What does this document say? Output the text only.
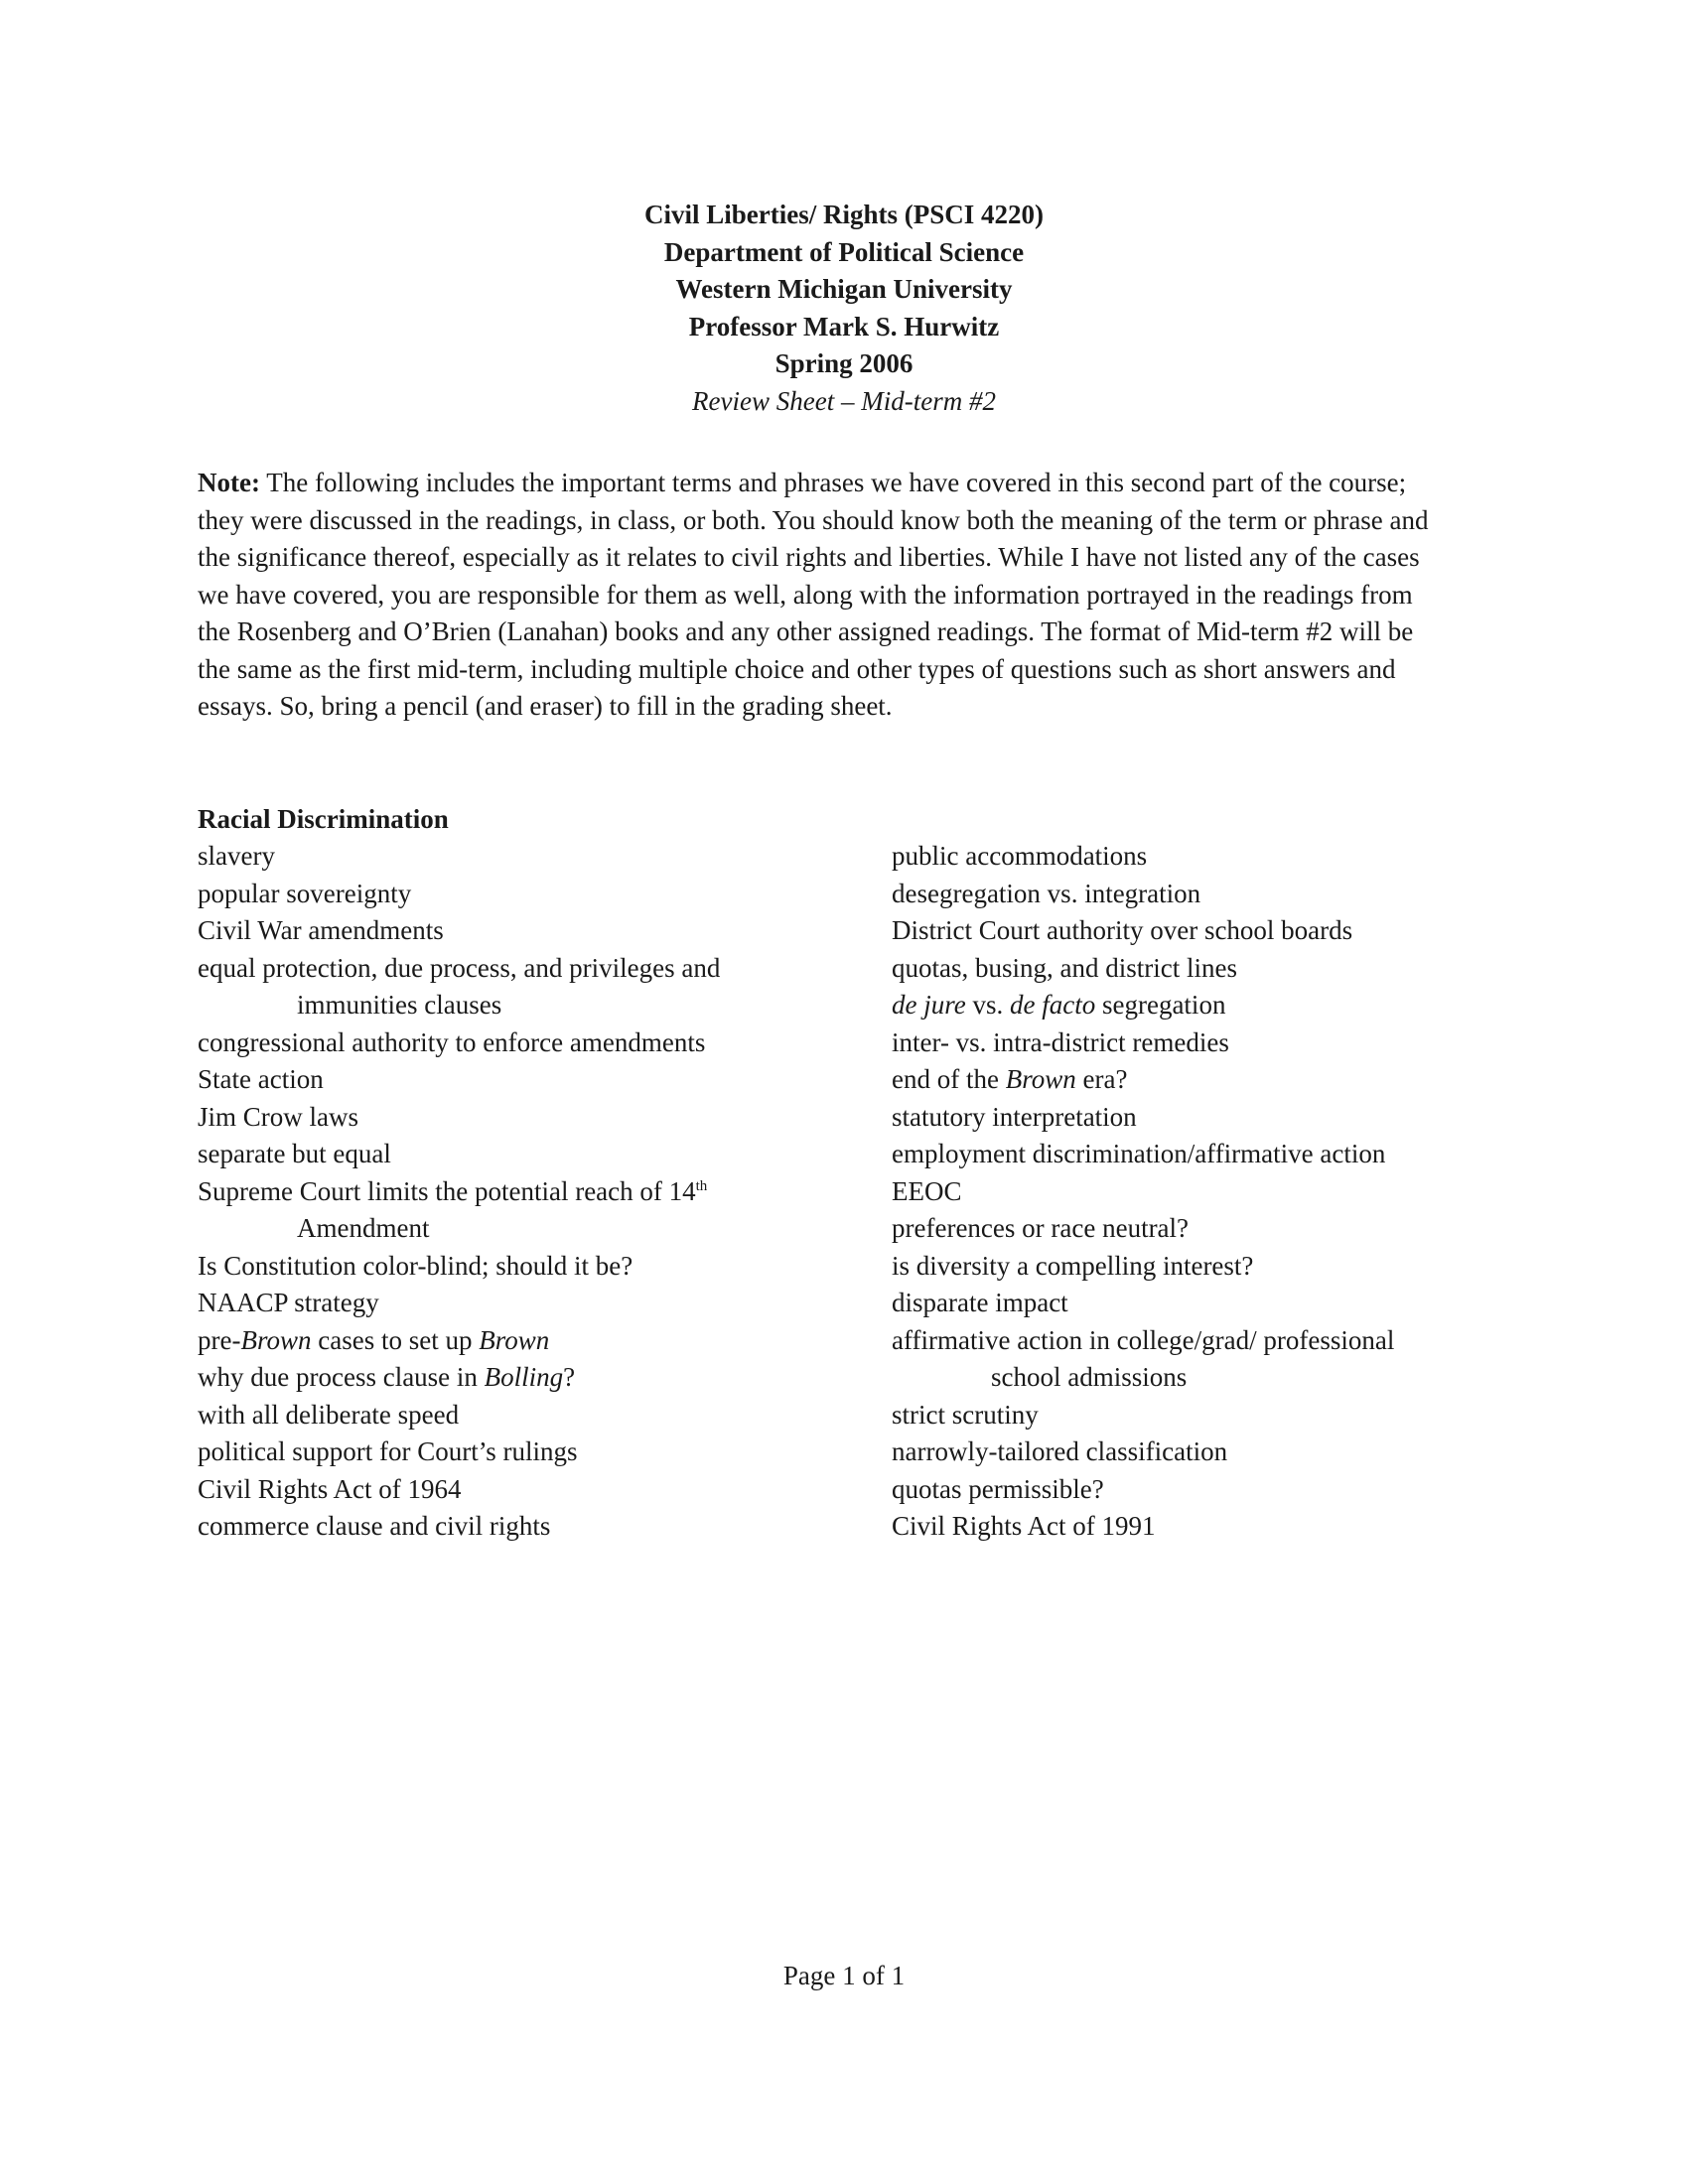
Civil Liberties/ Rights (PSCI 4220)
Department of Political Science
Western Michigan University
Professor Mark S. Hurwitz
Spring 2006
Review Sheet – Mid-term #2

Note: The following includes the important terms and phrases we have covered in this second part of the course; they were discussed in the readings, in class, or both. You should know both the meaning of the term or phrase and the significance thereof, especially as it relates to civil rights and liberties. While I have not listed any of the cases we have covered, you are responsible for them as well, along with the information portrayed in the readings from the Rosenberg and O’Brien (Lanahan) books and any other assigned readings. The format of Mid-term #2 will be the same as the first mid-term, including multiple choice and other types of questions such as short answers and essays. So, bring a pencil (and eraser) to fill in the grading sheet.

Racial Discrimination
slavery
popular sovereignty
Civil War amendments
equal protection, due process, and privileges and
immunities clauses
congressional authority to enforce amendments
State action
Jim Crow laws
separate but equal
Supreme Court limits the potential reach of 14th
Amendment
Is Constitution color-blind; should it be?
NAACP strategy
pre-Brown cases to set up Brown
why due process clause in Bolling?
with all deliberate speed
political support for Court’s rulings
Civil Rights Act of 1964
commerce clause and civil rights
public accommodations
desegregation vs. integration
District Court authority over school boards
quotas, busing, and district lines
de jure vs. de facto segregation
inter- vs. intra-district remedies
end of the Brown era?
statutory interpretation
employment discrimination/affirmative action
EEOC
preferences or race neutral?
is diversity a compelling interest?
disparate impact
affirmative action in college/grad/ professional
school admissions
strict scrutiny
narrowly-tailored classification
quotas permissible?
Civil Rights Act of 1991
Page 1 of 1
